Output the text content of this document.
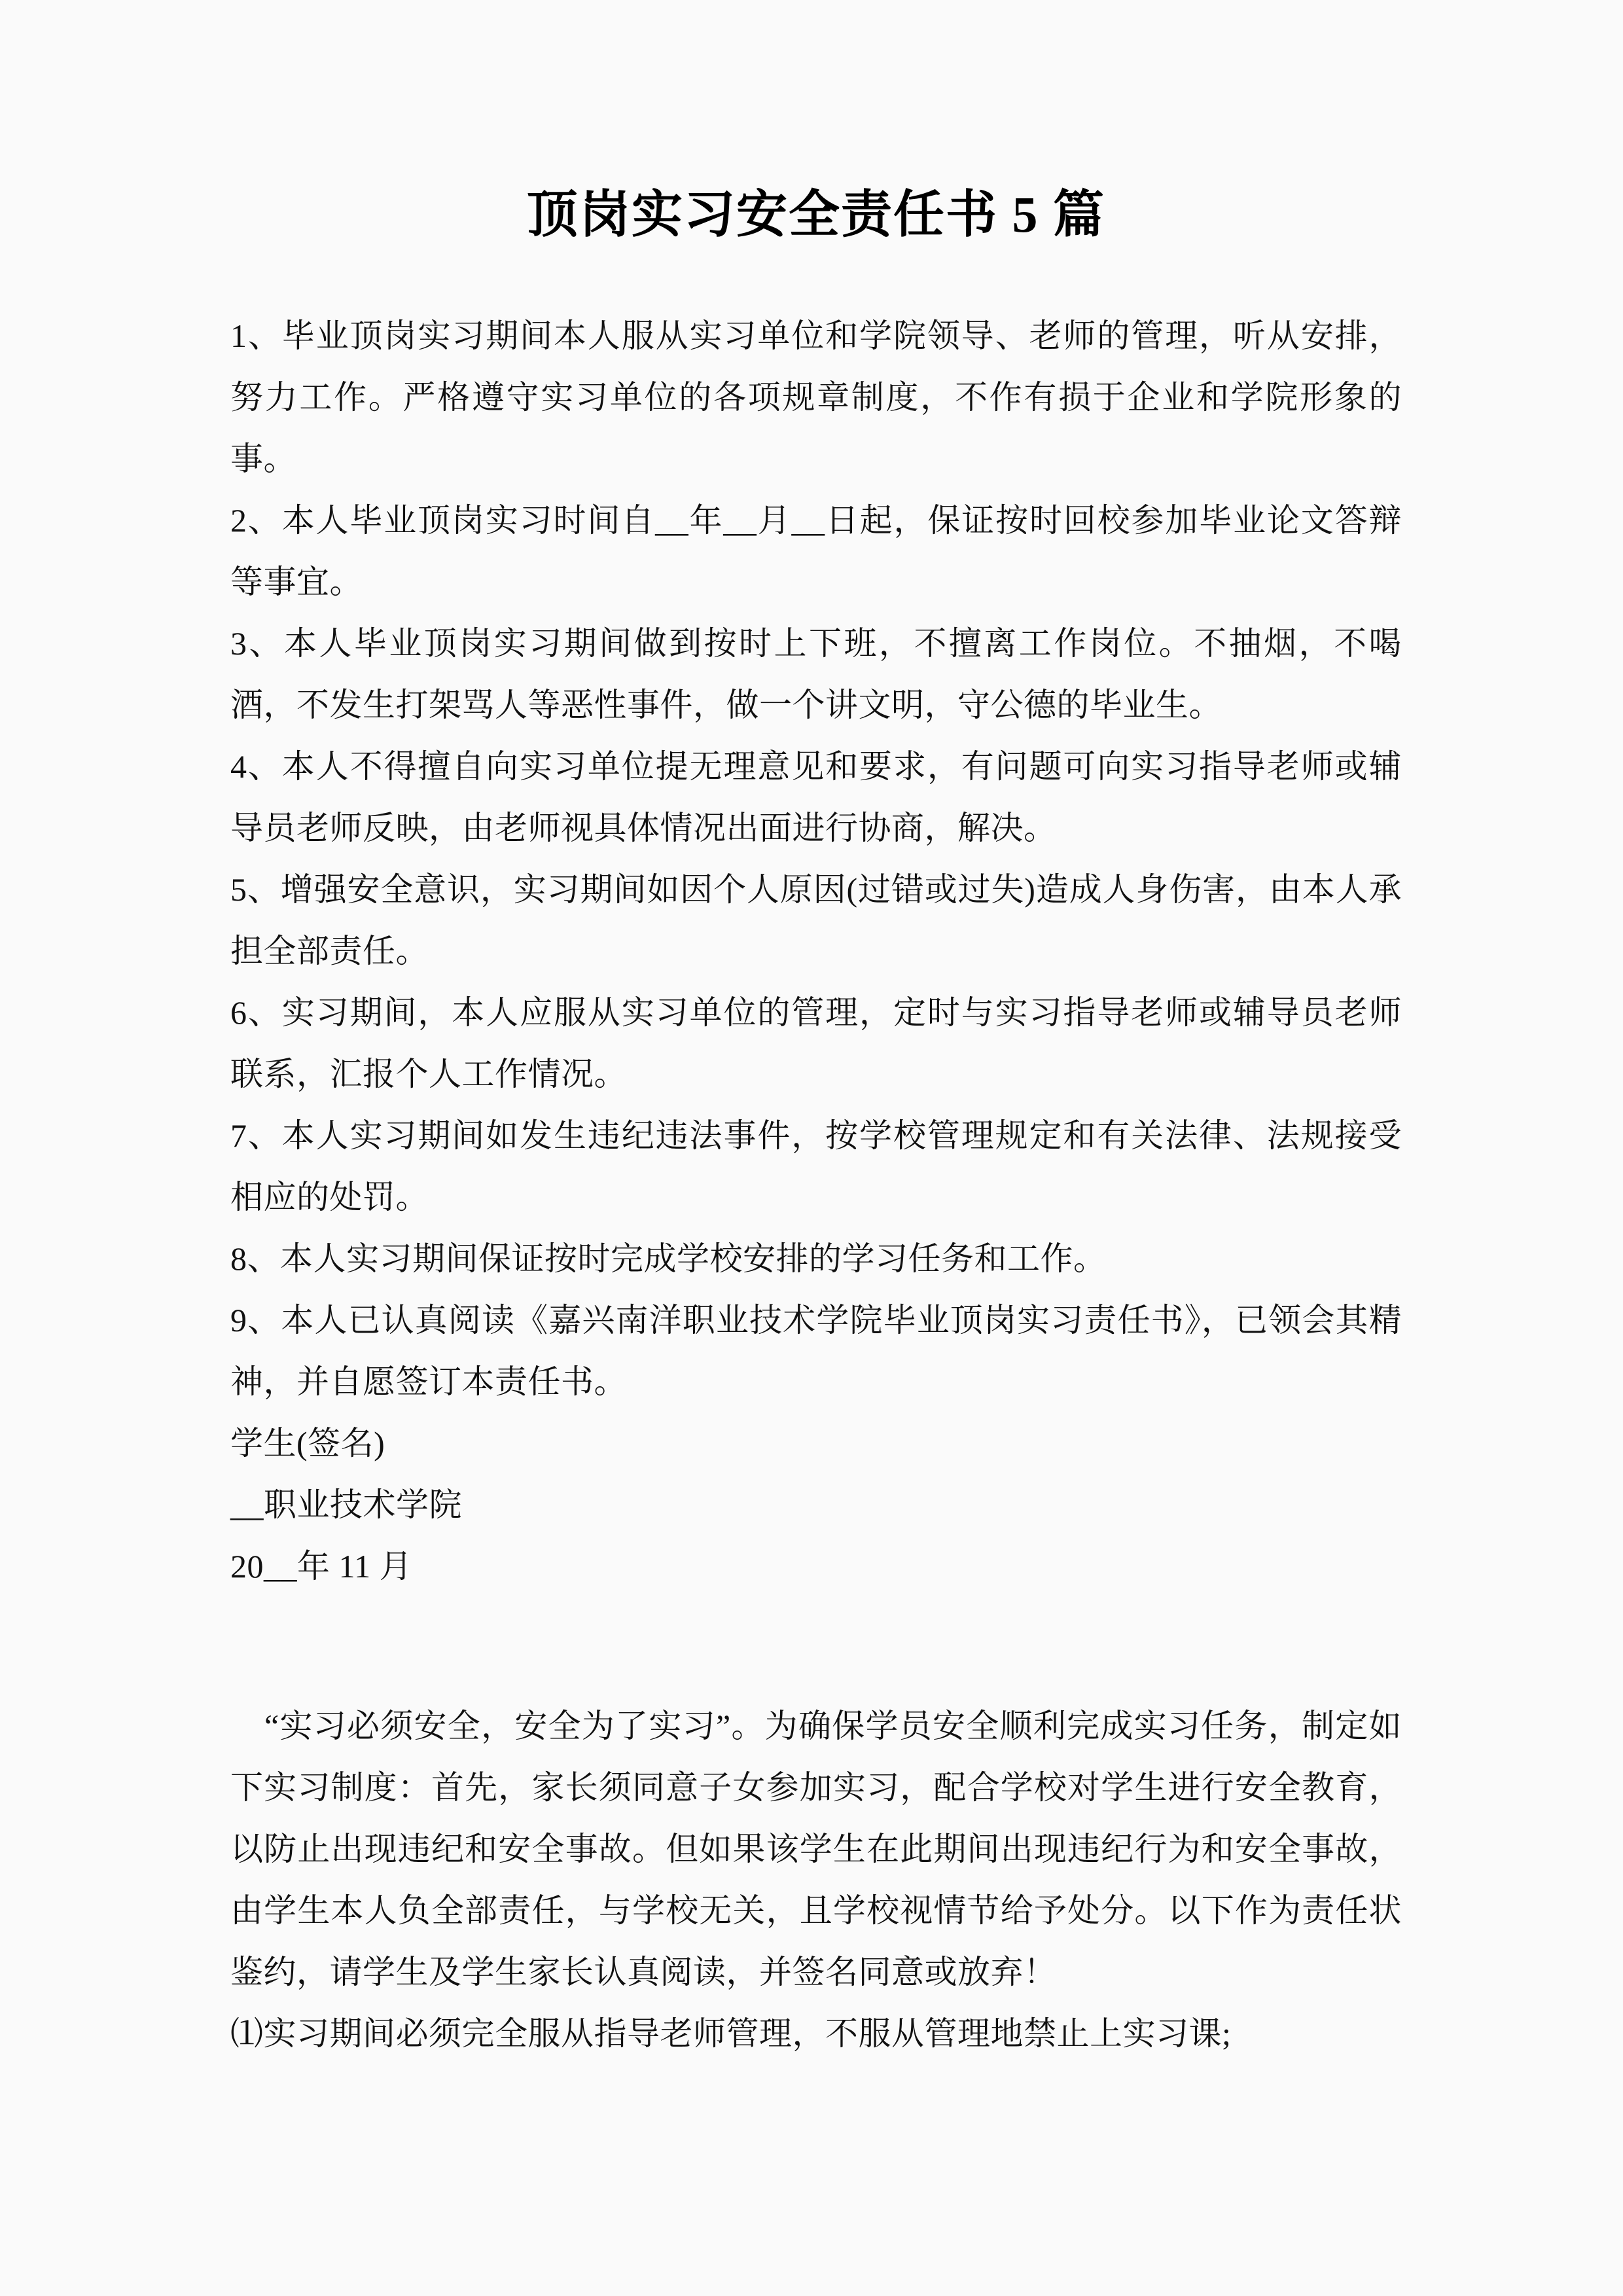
顶岗实习安全责任书 5 篇

1、毕业顶岗实习期间本人服从实习单位和学院领导、老师的管理，听从安排，努力工作。严格遵守实习单位的各项规章制度，不作有损于企业和学院形象的事。

2、本人毕业顶岗实习时间自__年__月__日起，保证按时回校参加毕业论文答辩等事宜。

3、本人毕业顶岗实习期间做到按时上下班，不擅离工作岗位。不抽烟，不喝酒，不发生打架骂人等恶性事件，做一个讲文明，守公德的毕业生。

4、本人不得擅自向实习单位提无理意见和要求，有问题可向实习指导老师或辅导员老师反映，由老师视具体情况出面进行协商，解决。

5、增强安全意识，实习期间如因个人原因(过错或过失)造成人身伤害，由本人承担全部责任。

6、实习期间，本人应服从实习单位的管理，定时与实习指导老师或辅导员老师联系，汇报个人工作情况。

7、本人实习期间如发生违纪违法事件，按学校管理规定和有关法律、法规接受相应的处罚。

8、本人实习期间保证按时完成学校安排的学习任务和工作。

9、本人已认真阅读《嘉兴南洋职业技术学院毕业顶岗实习责任书》，已领会其精神，并自愿签订本责任书。

学生(签名)

__职业技术学院

20__年 11 月

“实习必须安全，安全为了实习”。为确保学员安全顺利完成实习任务，制定如下实习制度：首先，家长须同意子女参加实习，配合学校对学生进行安全教育，以防止出现违纪和安全事故。但如果该学生在此期间出现违纪行为和安全事故，由学生本人负全部责任，与学校无关，且学校视情节给予处分。以下作为责任状鉴约，请学生及学生家长认真阅读，并签名同意或放弃！

⑴实习期间必须完全服从指导老师管理，不服从管理地禁止上实习课;
